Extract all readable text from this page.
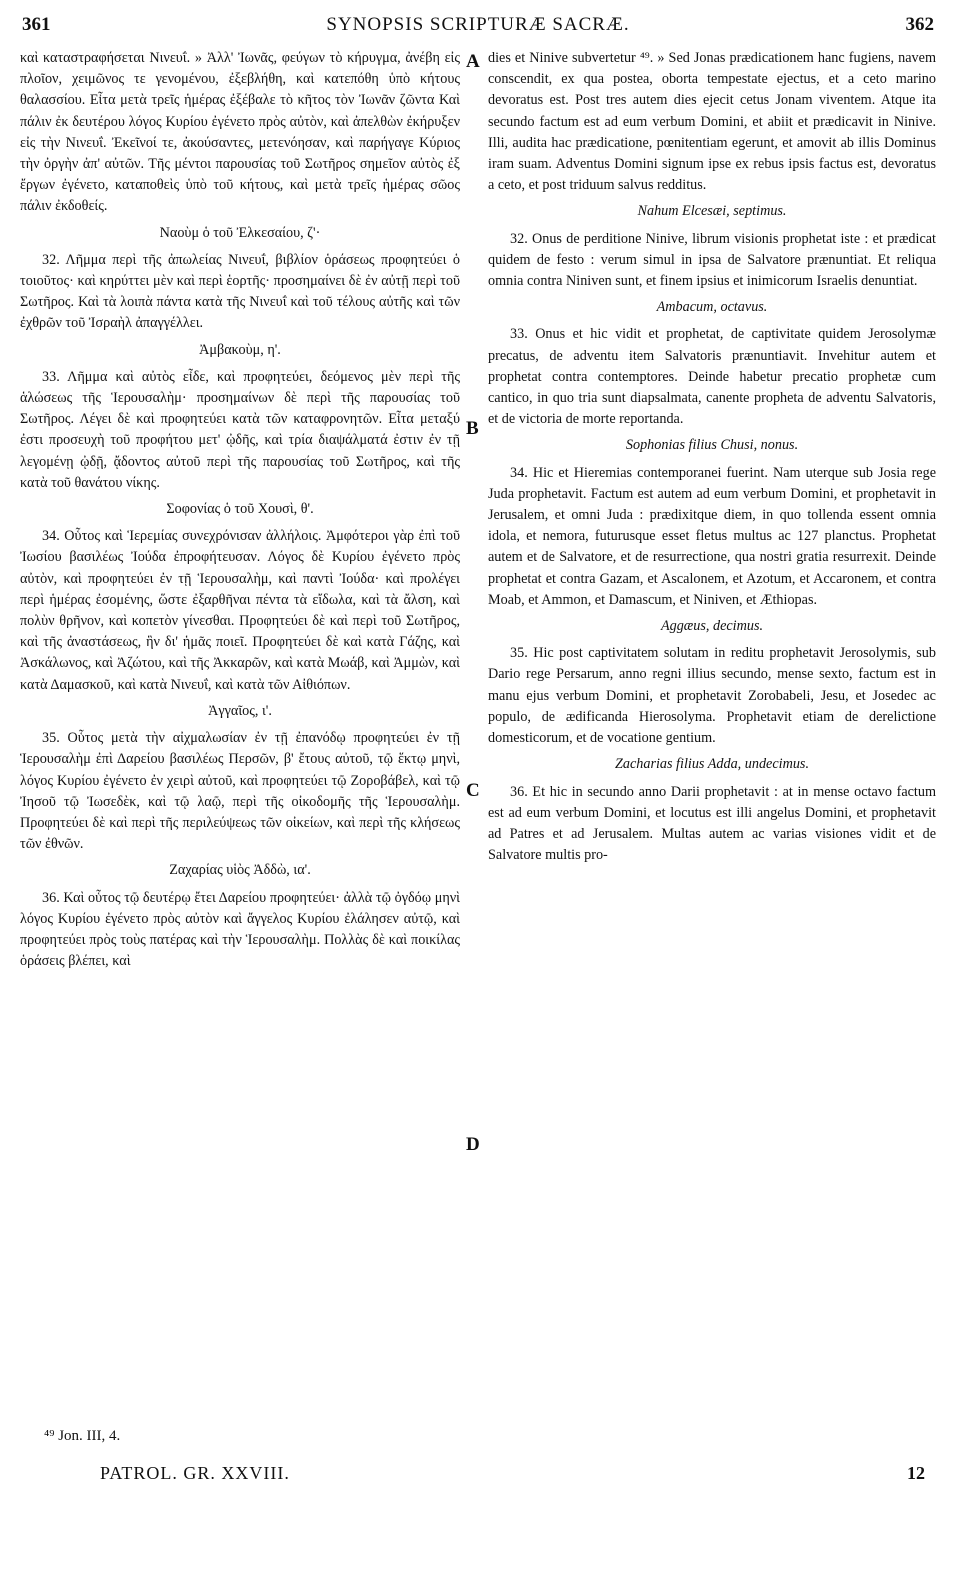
361	SYNOPSIS SCRIPTURÆ SACRÆ.	362

καὶ καταστραφήσεται Νινευΐ. » Ἀλλ' Ἰωνᾶς, φεύγων τὸ κήρυγμα, ἀνέβη εἰς πλοῖον, χειμῶνος τε γενομένου, ἐξεβλήθη, καὶ κατεπόθη ὑπὸ κήτους θαλασσίου. Εἶτα μετὰ τρεῖς ἡμέρας ἐξέβαλε τὸ κῆτος τὸν Ἰωνᾶν ζῶντα Καὶ πάλιν ἐκ δευτέρου λόγος Κυρίου ἐγένετο πρὸς αὐτὸν, καὶ ἀπελθὼν ἐκήρυξεν εἰς τὴν Νινευΐ. Ἐκεῖνοί τε, ἀκούσαντες, μετενόησαν, καὶ παρήγαγε Κύριος τὴν ὀργὴν ἀπ' αὐτῶν. Τῆς μέντοι παρουσίας τοῦ Σωτῆρος σημεῖον αὐτὸς ἐξ ἔργων ἐγένετο, καταποθεὶς ὑπὸ τοῦ κήτους, καὶ μετὰ τρεῖς ἡμέρας σῶος πάλιν ἐκδοθείς.

Ναοὺμ ὁ τοῦ Ἐλκεσαίου, ζ'·

32. Λῆμμα περὶ τῆς ἀπωλείας Νινευΐ, βιβλίον ὁράσεως προφητεύει ὁ τοιοῦτος· καὶ κηρύττει μὲν καὶ περὶ ἑορτῆς· προσημαίνει δὲ ἐν αὐτῇ περὶ τοῦ Σωτῆρος. Καὶ τὰ λοιπὰ πάντα κατὰ τῆς Νινευΐ καὶ τοῦ τέλους αὐτῆς καὶ τῶν ἐχθρῶν τοῦ Ἰσραὴλ ἀπαγγέλλει.

Ἀμβακοὺμ, η'.

33. Λῆμμα καὶ αὐτὸς εἶδε, καὶ προφητεύει, δεόμενος μὲν περὶ τῆς ἁλώσεως τῆς Ἱερουσαλὴμ· προσημαίνων δὲ περὶ τῆς παρουσίας τοῦ Σωτῆρος. Λέγει δὲ καὶ προφητεύει κατὰ τῶν καταφρονητῶν. Εἶτα μεταξύ ἐστι προσευχὴ τοῦ προφήτου μετ' ᾠδῆς, καὶ τρία διαψάλματά ἐστιν ἐν τῇ λεγομένῃ ᾠδῇ, ᾄδοντος αὐτοῦ περὶ τῆς παρουσίας τοῦ Σωτῆρος, καὶ τῆς κατὰ τοῦ θανάτου νίκης.

Σοφονίας ὁ τοῦ Χουσὶ, θ'.

34. Οὗτος καὶ Ἱερεμίας συνεχρόνισαν ἀλλήλοις. Ἀμφότεροι γὰρ ἐπὶ τοῦ Ἰωσίου βασιλέως Ἰούδα ἐπροφήτευσαν. Λόγος δὲ Κυρίου ἐγένετο πρὸς αὐτὸν, καὶ προφητεύει ἐν τῇ Ἱερουσαλὴμ, καὶ παντὶ Ἰούδα· καὶ προλέγει περὶ ἡμέρας ἐσομένης, ὥστε ἐξαρθῆναι πέντα τὰ εἴδωλα, καὶ τὰ ἄλση, καὶ πολὺν θρῆνον, καὶ κοπετὸν γίνεσθαι. Προφητεύει δὲ καὶ περὶ τοῦ Σωτῆρος, καὶ τῆς ἀναστάσεως, ἣν δι' ἡμᾶς ποιεῖ. Προφητεύει δὲ καὶ κατὰ Γάζης, καὶ Ἀσκάλωνος, καὶ Ἀζώτου, καὶ τῆς Ἀκκαρῶν, καὶ κατὰ Μωάβ, καὶ Ἀμμὼν, καὶ κατὰ Δαμασκοῦ, καὶ κατὰ Νινευΐ, καὶ κατὰ τῶν Αἰθιόπων.

Ἀγγαῖος, ι'.

35. Οὗτος μετὰ τὴν αἰχμαλωσίαν ἐν τῇ ἐπανόδῳ προφητεύει ἐν τῇ Ἱερουσαλὴμ ἐπὶ Δαρείου βασιλέως Περσῶν, β' ἔτους αὐτοῦ, τῷ ἕκτῳ μηνὶ, λόγος Κυρίου ἐγένετο ἐν χειρὶ αὐτοῦ, καὶ προφητεύει τῷ Ζοροβάβελ, καὶ τῷ Ἰησοῦ τῷ Ἰωσεδὲκ, καὶ τῷ λαῷ, περὶ τῆς οἰκοδομῆς τῆς Ἱερουσαλὴμ. Προφητεύει δὲ καὶ περὶ τῆς περιλεύψεως τῶν οἰκείων, καὶ περὶ τῆς κλήσεως τῶν ἐθνῶν.

Ζαχαρίας υἱὸς Ἀδδὼ, ια'.

36. Καὶ οὗτος τῷ δευτέρῳ ἔτει Δαρείου προφητεύει· ἀλλὰ τῷ ὀγδόῳ μηνὶ λόγος Κυρίου ἐγένετο πρὸς αὐτὸν καὶ ἄγγελος Κυρίου ἐλάλησεν αὐτῷ, καὶ προφητεύει πρὸς τοὺς πατέρας καὶ τὴν Ἱερουσαλὴμ. Πολλὰς δὲ καὶ ποικίλας ὁράσεις βλέπει, καὶ

A
B
C
D

dies et Ninive subvertetur ⁴⁹. » Sed Jonas prædicationem hanc fugiens, navem conscendit, ex qua postea, oborta tempestate ejectus, et a ceto marino devoratus est. Post tres autem dies ejecit cetus Jonam viventem. Atque ita secundo factum est ad eum verbum Domini, et abiit et prædicavit in Ninive. Illi, audita hac prædicatione, pœnitentiam egerunt, et amovit ab illis Dominus iram suam. Adventus Domini signum ipse ex rebus ipsis factus est, devoratus a ceto, et post triduum salvus redditus.

Nahum Elcesæi, septimus.

32. Onus de perditione Ninive, librum visionis prophetat iste : et prædicat quidem de festo : verum simul in ipsa de Salvatore prænuntiat. Et reliqua omnia contra Niniven sunt, et finem ipsius et inimicorum Israelis denuntiat.

Ambacum, octavus.

33. Onus et hic vidit et prophetat, de captivitate quidem Jerosolymæ precatus, de adventu item Salvatoris prænuntiavit. Invehitur autem et prophetat contra contemptores. Deinde habetur precatio prophetæ cum cantico, in quo tria sunt diapsalmata, canente propheta de adventu Salvatoris, et de victoria de morte reportanda.

Sophonias filius Chusi, nonus.

34. Hic et Hieremias contemporanei fuerint. Nam uterque sub Josia rege Juda prophetavit. Factum est autem ad eum verbum Domini, et prophetavit in Jerusalem, et omni Juda : prædixitque diem, in quo tollenda essent omnia idola, et nemora, futurusque esset fletus multus ac 127 planctus. Prophetat autem et de Salvatore, et de resurrectione, qua nostri gratia resurrexit. Deinde prophetat et contra Gazam, et Ascalonem, et Azotum, et Accaronem, et contra Moab, et Ammon, et Damascum, et Niniven, et Æthiopas.

Aggæus, decimus.

35. Hic post captivitatem solutam in reditu prophetavit Jerosolymis, sub Dario rege Persarum, anno regni illius secundo, mense sexto, factum est in manu ejus verbum Domini, et prophetavit Zorobabeli, Jesu, et Josedec ac populo, de ædificanda Hierosolyma. Prophetavit etiam de derelictione domesticorum, et de vocatione gentium.

Zacharias filius Adda, undecimus.

36. Et hic in secundo anno Darii prophetavit : at in mense octavo factum est ad eum verbum Domini, et locutus est illi angelus Domini, et prophetavit ad Patres et ad Jerusalem. Multas autem ac varias visiones vidit et de Salvatore multis pro-

⁴⁹ Jon. III, 4.
PATROL. GR. XXVIII.	12
